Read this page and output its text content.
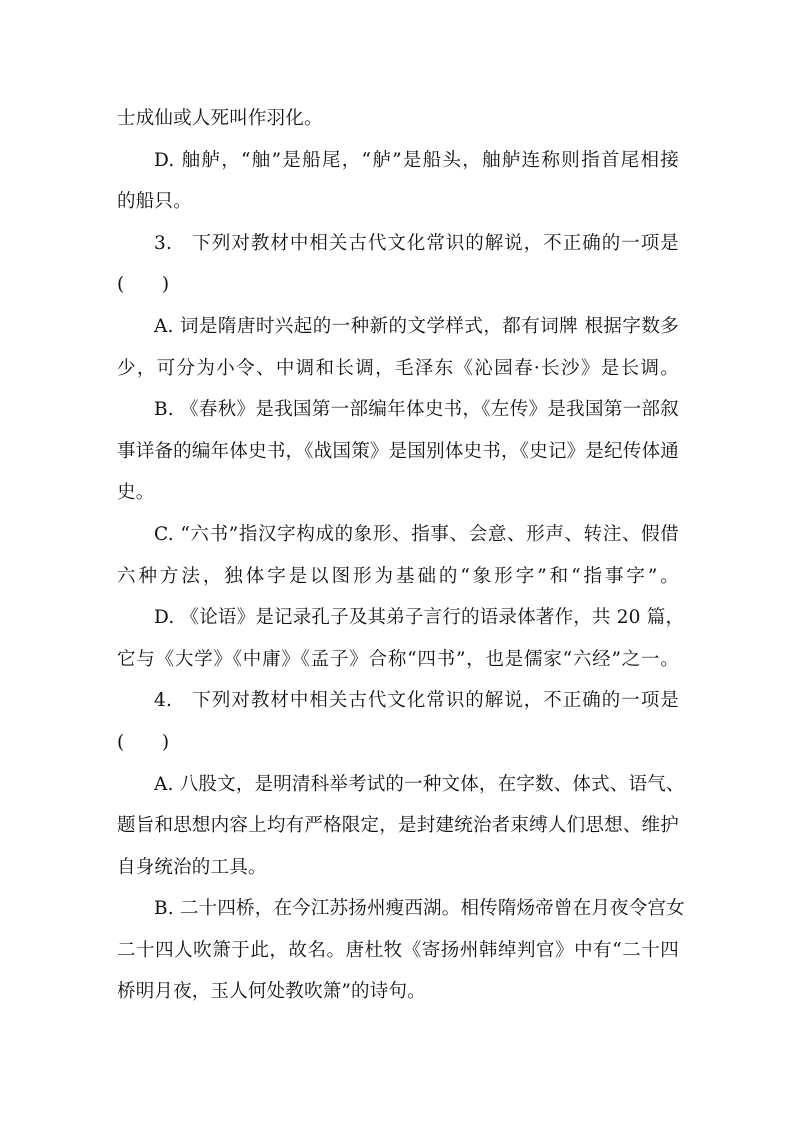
士成仙或人死叫作羽化。
D. 舳舻，“舳”是船尾，“舻”是船头，舳舻连称则指首尾相接
的船只。
3.　下列对教材中相关古代文化常识的解说，不正确的一项是
(　　)
A. 词是隋唐时兴起的一种新的文学样式，都有词牌 根据字数多
少，可分为小令、中调和长调，毛泽东《沁园春·长沙》是长调。
B. 《春秋》是我国第一部编年体史书，《左传》是我国第一部叙
事详备的编年体史书，《战国策》是国别体史书，《史记》是纪传体通
史。
C. “六书”指汉字构成的象形、指事、会意、形声、转注、假借
六种方法，独体字是以图形为基础的“象形字”和“指事字”。
D. 《论语》是记录孔子及其弟子言行的语录体著作，共 20 篇，
它与《大学》《中庸》《孟子》合称“四书”，也是儒家“六经”之一。
4.　下列对教材中相关古代文化常识的解说，不正确的一项是
(　　)
A. 八股文，是明清科举考试的一种文体，在字数、体式、语气、
题旨和思想内容上均有严格限定，是封建统治者束缚人们思想、维护
自身统治的工具。
B. 二十四桥，在今江苏扬州瘦西湖。相传隋炀帝曾在月夜令宫女
二十四人吹箫于此，故名。唐杜牧《寄扬州韩绰判官》中有“二十四
桥明月夜，玉人何处教吹箫”的诗句。
